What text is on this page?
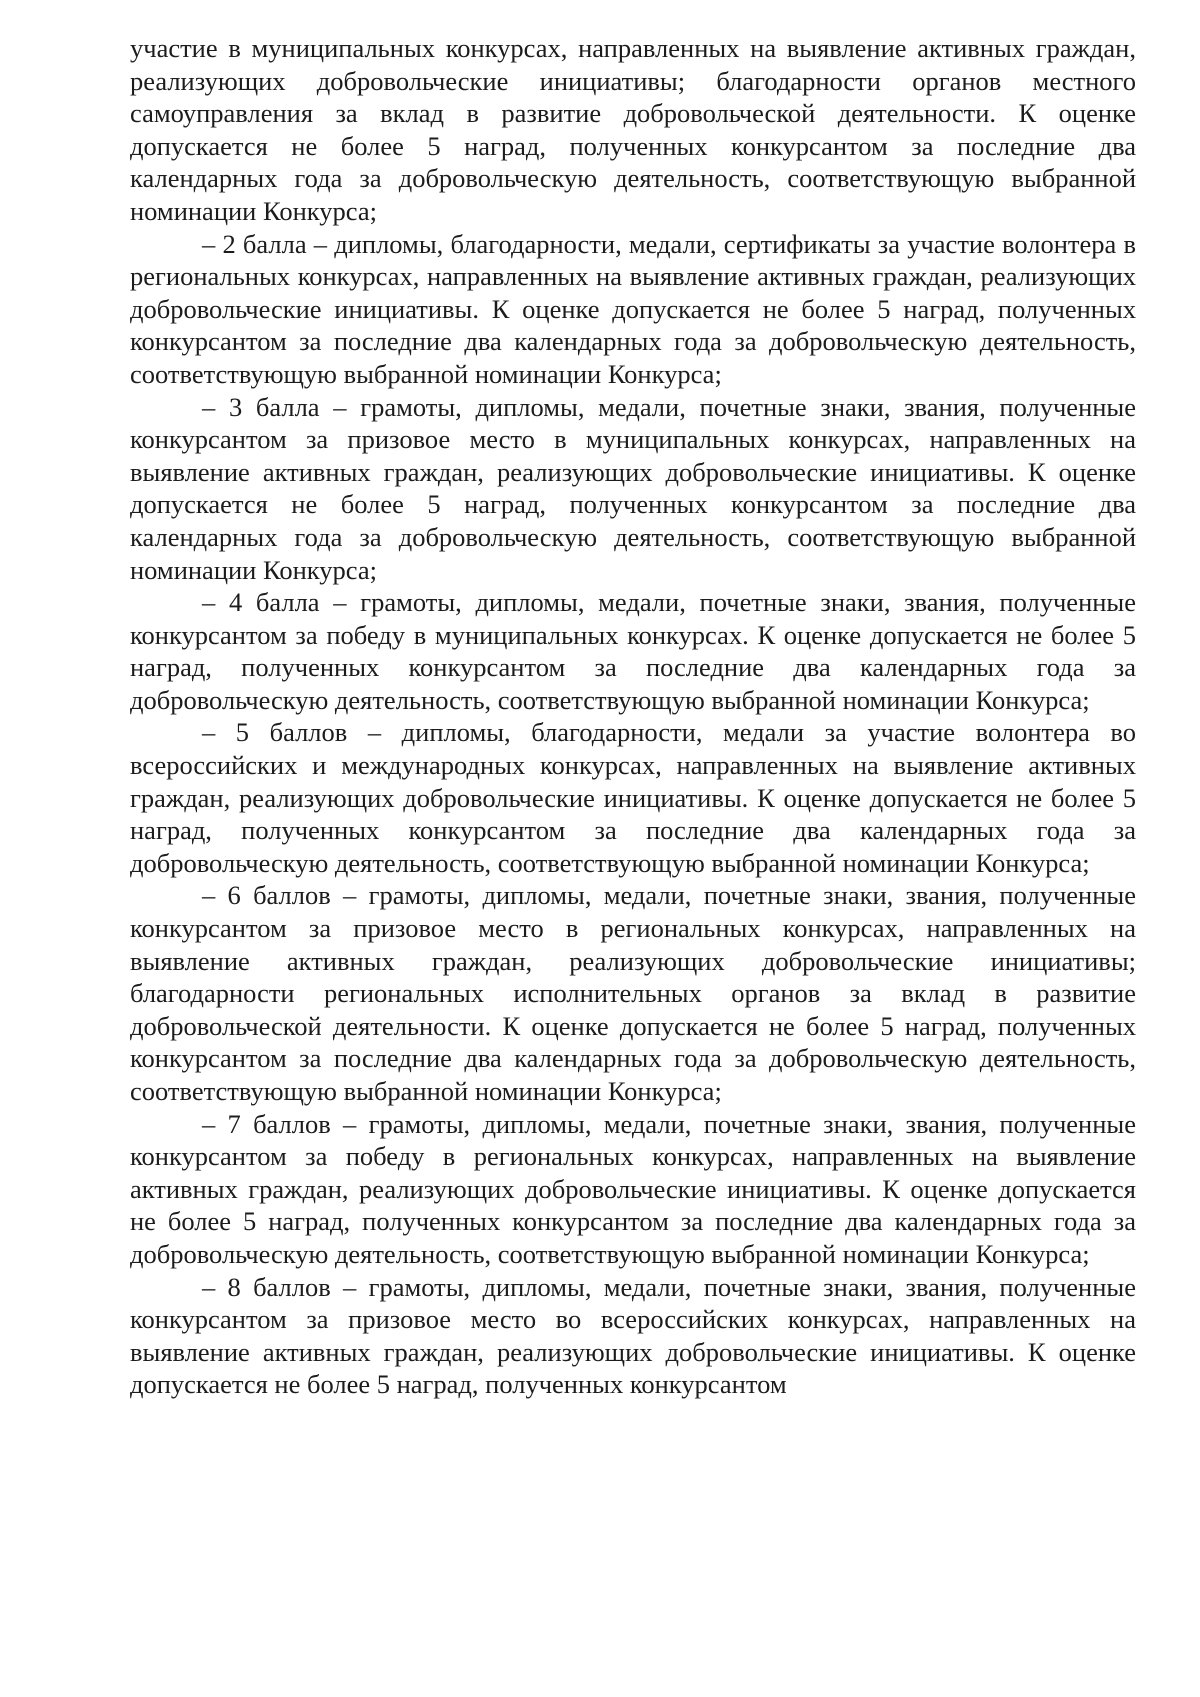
участие в муниципальных конкурсах, направленных на выявление активных граждан, реализующих добровольческие инициативы; благодарности органов местного самоуправления за вклад в развитие добровольческой деятельности. К оценке допускается не более 5 наград, полученных конкурсантом за последние два календарных года за добровольческую деятельность, соответствующую выбранной номинации Конкурса;

– 2 балла – дипломы, благодарности, медали, сертификаты за участие волонтера в региональных конкурсах, направленных на выявление активных граждан, реализующих добровольческие инициативы. К оценке допускается не более 5 наград, полученных конкурсантом за последние два календарных года за добровольческую деятельность, соответствующую выбранной номинации Конкурса;

– 3 балла – грамоты, дипломы, медали, почетные знаки, звания, полученные конкурсантом за призовое место в муниципальных конкурсах, направленных на выявление активных граждан, реализующих добровольческие инициативы. К оценке допускается не более 5 наград, полученных конкурсантом за последние два календарных года за добровольческую деятельность, соответствующую выбранной номинации Конкурса;

– 4 балла – грамоты, дипломы, медали, почетные знаки, звания, полученные конкурсантом за победу в муниципальных конкурсах. К оценке допускается не более 5 наград, полученных конкурсантом за последние два календарных года за добровольческую деятельность, соответствующую выбранной номинации Конкурса;

– 5 баллов – дипломы, благодарности, медали за участие волонтера во всероссийских и международных конкурсах, направленных на выявление активных граждан, реализующих добровольческие инициативы. К оценке допускается не более 5 наград, полученных конкурсантом за последние два календарных года за добровольческую деятельность, соответствующую выбранной номинации Конкурса;

– 6 баллов – грамоты, дипломы, медали, почетные знаки, звания, полученные конкурсантом за призовое место в региональных конкурсах, направленных на выявление активных граждан, реализующих добровольческие инициативы; благодарности региональных исполнительных органов за вклад в развитие добровольческой деятельности. К оценке допускается не более 5 наград, полученных конкурсантом за последние два календарных года за добровольческую деятельность, соответствующую выбранной номинации Конкурса;

– 7 баллов – грамоты, дипломы, медали, почетные знаки, звания, полученные конкурсантом за победу в региональных конкурсах, направленных на выявление активных граждан, реализующих добровольческие инициативы. К оценке допускается не более 5 наград, полученных конкурсантом за последние два календарных года за добровольческую деятельность, соответствующую выбранной номинации Конкурса;

– 8 баллов – грамоты, дипломы, медали, почетные знаки, звания, полученные конкурсантом за призовое место во всероссийских конкурсах, направленных на выявление активных граждан, реализующих добровольческие инициативы. К оценке допускается не более 5 наград, полученных конкурсантом
